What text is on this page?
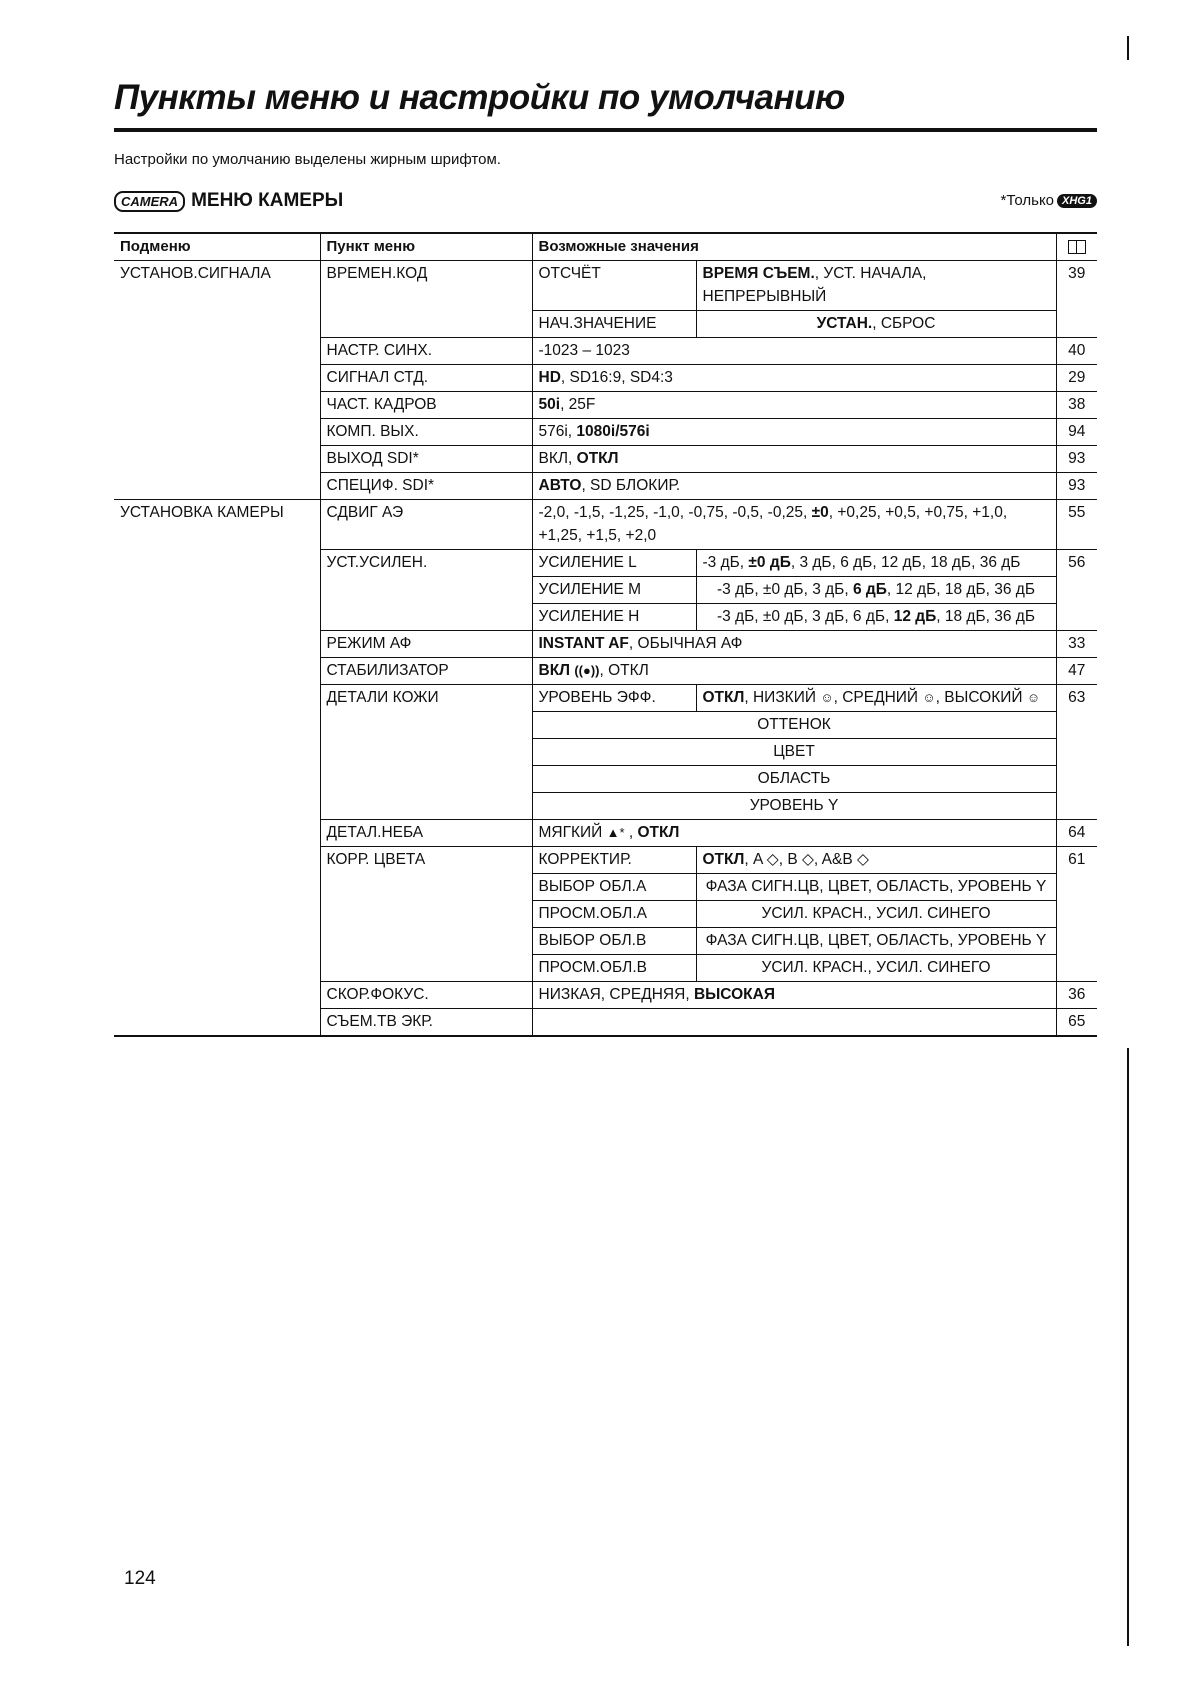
Пункты меню и настройки по умолчанию
Настройки по умолчанию выделены жирным шрифтом.
CAMERA МЕНЮ КАМЕРЫ	*Только XHG1
Подменю	Пункт меню	Возможные значения		
УСТАНОВ.СИГНАЛА	ВРЕМЕН.КОД	ОТСЧЁТ	ВРЕМЯ СЪЕМ., УСТ. НАЧАЛА, НЕПРЕРЫВНЫЙ	39
		НАЧ.ЗНАЧЕНИЕ	УСТАН., СБРОС	
	НАСТР. СИНХ.	-1023 – 1023		40
	СИГНАЛ СТД.	HD, SD16:9, SD4:3		29
	ЧАСТ. КАДРОВ	50i, 25F		38
	КОМП. ВЫХ.	576i, 1080i/576i		94
	ВЫХОД SDI*	ВКЛ, ОТКЛ		93
	СПЕЦИФ. SDI*	АВТО, SD БЛОКИР.		93
УСТАНОВКА КАМЕРЫ	СДВИГ АЭ	-2,0, -1,5, -1,25, -1,0, -0,75, -0,5, -0,25, ±0, +0,25, +0,5, +0,75, +1,0, +1,25, +1,5, +2,0		55
	УСТ.УСИЛЕН.	УСИЛЕНИЕ L	-3 дБ, ±0 дБ, 3 дБ, 6 дБ, 12 дБ, 18 дБ, 36 дБ	56
		УСИЛЕНИЕ M	-3 дБ, ±0 дБ, 3 дБ, 6 дБ, 12 дБ, 18 дБ, 36 дБ	
		УСИЛЕНИЕ H	-3 дБ, ±0 дБ, 3 дБ, 6 дБ, 12 дБ, 18 дБ, 36 дБ	
	РЕЖИМ АФ	INSTANT AF, ОБЫЧНАЯ АФ		33
	СТАБИЛИЗАТОР	ВКЛ ((●)), ОТКЛ		47
	ДЕТАЛИ КОЖИ	УРОВЕНЬ ЭФФ.	ОТКЛ, НИЗКИЙ ☺, СРЕДНИЙ ☺, ВЫСОКИЙ ☺	63
		ОТТЕНОК		
		ЦВЕТ		
		ОБЛАСТЬ		
		УРОВЕНЬ Y		
	ДЕТАЛ.НЕБА	МЯГКИЙ ▲* , ОТКЛ		64
	КОРР. ЦВЕТА	КОРРЕКТИР.	ОТКЛ, A ◇, B ◇, A&B ◇	61
		ВЫБОР ОБЛ.A	ФАЗА СИГН.ЦВ, ЦВЕТ, ОБЛАСТЬ, УРОВЕНЬ Y	
		ПРОСМ.ОБЛ.A	УСИЛ. КРАСН., УСИЛ. СИНЕГО	
		ВЫБОР ОБЛ.B	ФАЗА СИГН.ЦВ, ЦВЕТ, ОБЛАСТЬ, УРОВЕНЬ Y	
		ПРОСМ.ОБЛ.B	УСИЛ. КРАСН., УСИЛ. СИНЕГО	
	СКОР.ФОКУС.	НИЗКАЯ, СРЕДНЯЯ, ВЫСОКАЯ		36
	СЪЕМ.ТВ ЭКР.			65
124
